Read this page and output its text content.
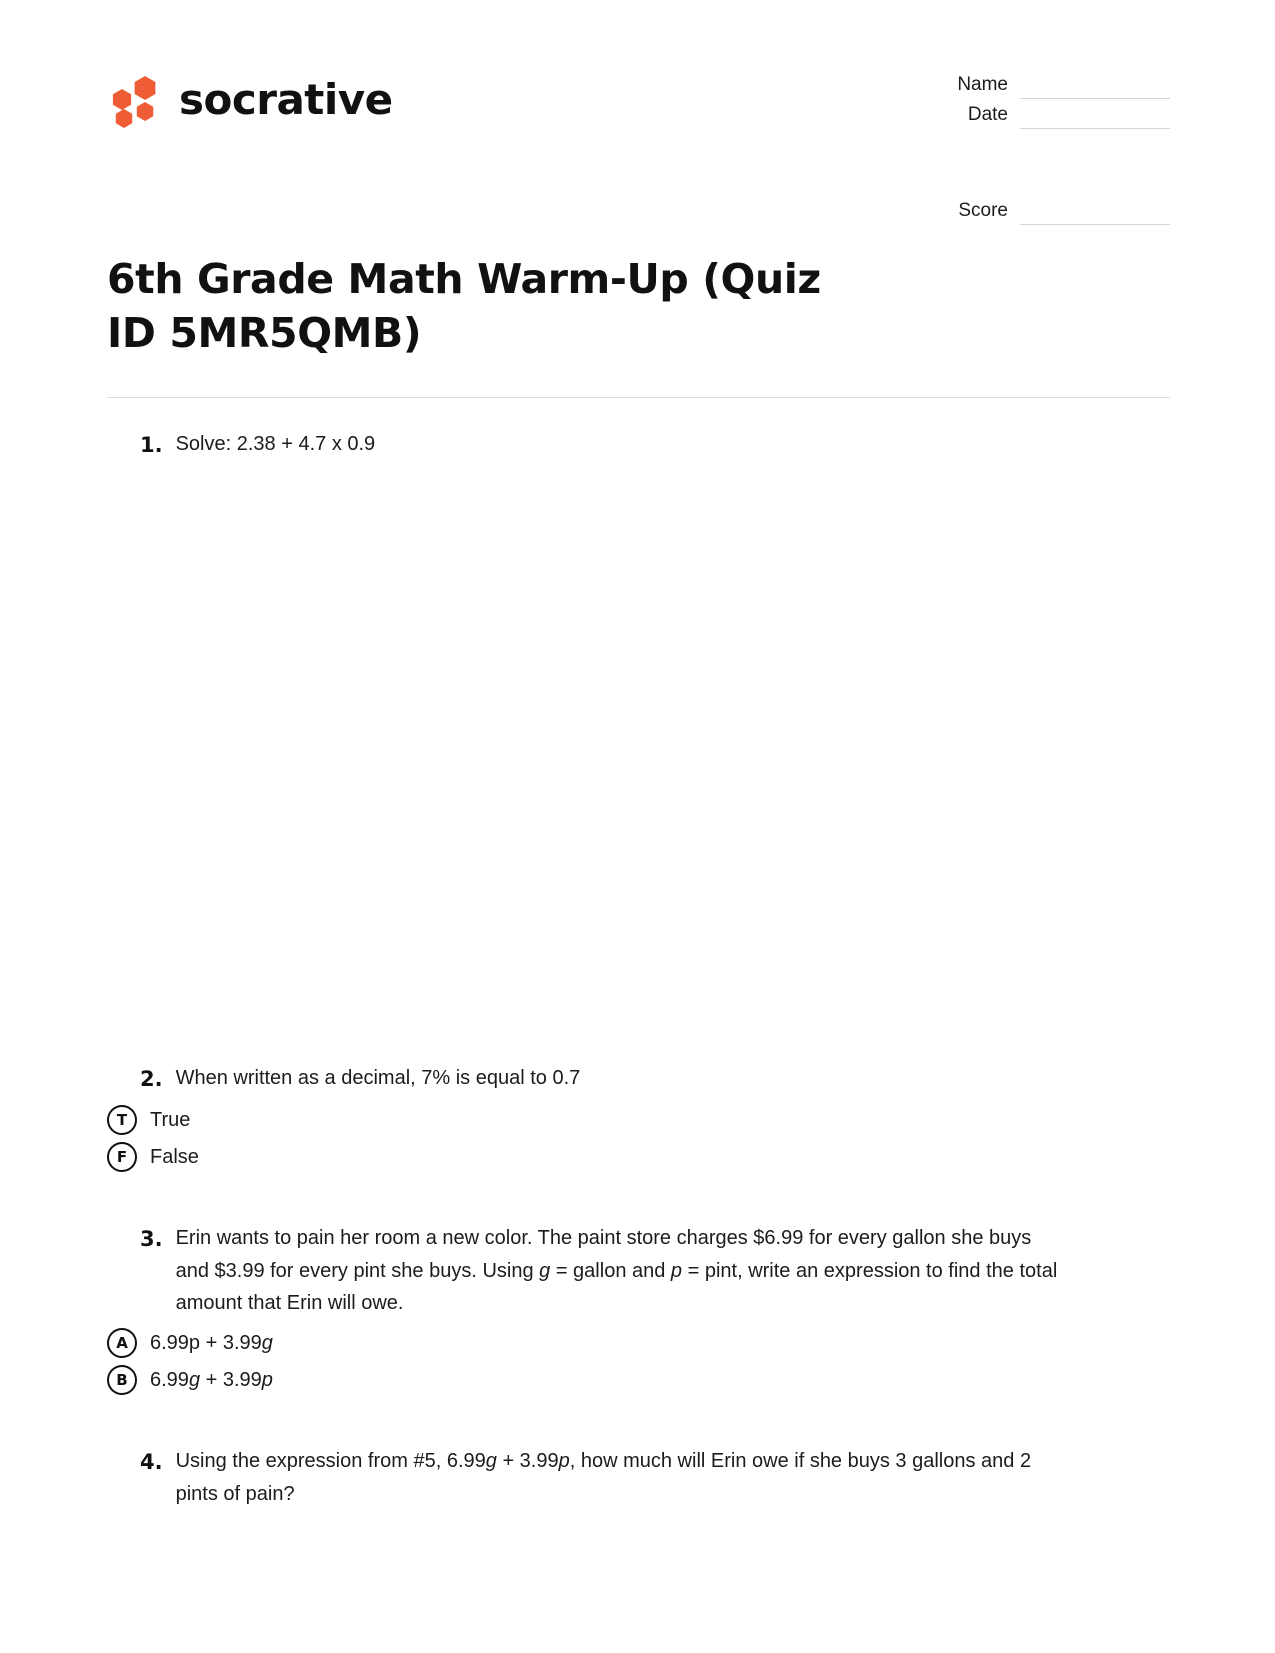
socrative	Name
Date
Score
6th Grade Math Warm-Up (Quiz ID 5MR5QMB)
1. Solve: 2.38 + 4.7 x 0.9
2. When written as a decimal, 7% is equal to 0.7
T	True
F	False
3. Erin wants to pain her room a new color. The paint store charges $6.99 for every gallon she buys and $3.99 for every pint she buys. Using g = gallon and p = pint, write an expression to find the total amount that Erin will owe.
A	6.99p + 3.99g
B	6.99g + 3.99p
4. Using the expression from #5, 6.99g + 3.99p, how much will Erin owe if she buys 3 gallons and 2 pints of pain?
